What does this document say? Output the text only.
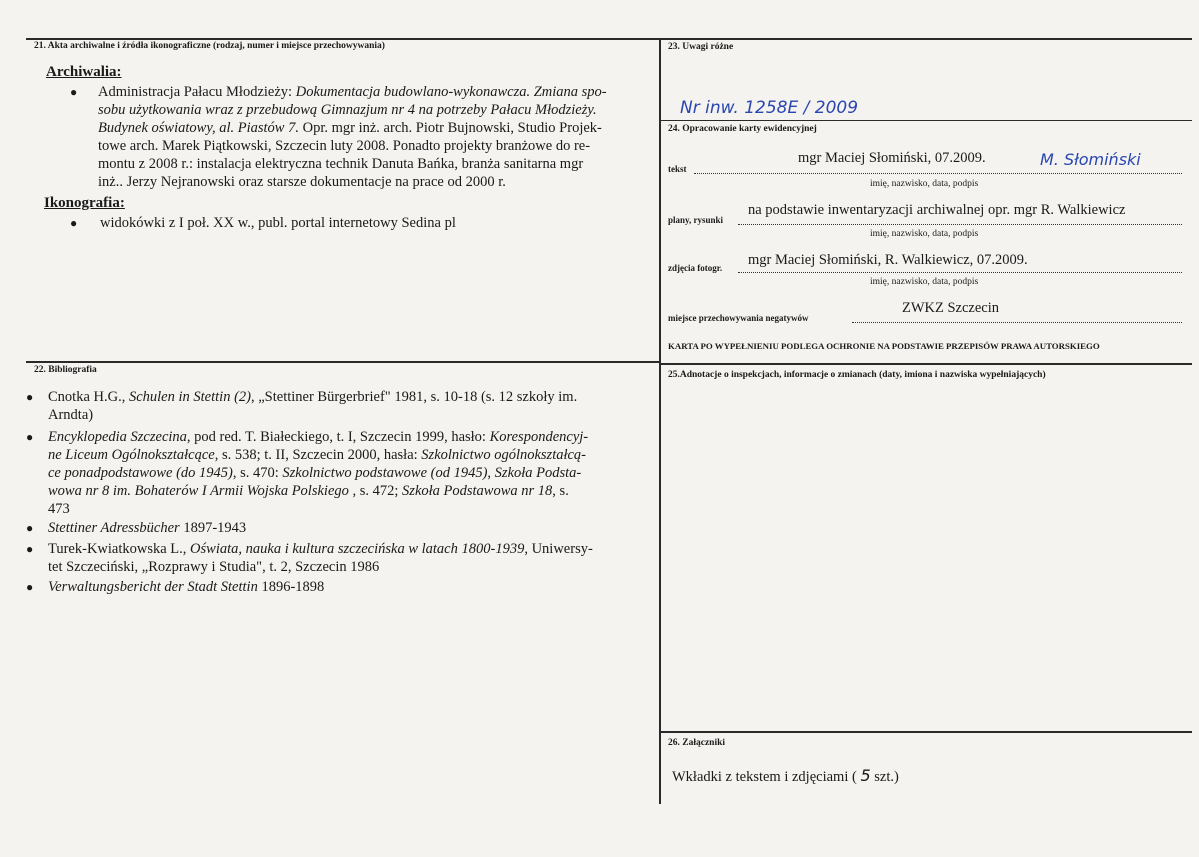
21. Akta archiwalne i źródła ikonograficzne (rodzaj, numer i miejsce przechowywania)
Archiwalia:
● Administracja Pałacu Młodzieży: Dokumentacja budowlano-wykonawcza. Zmiana spo-
sobu użytkowania wraz z przebudową Gimnazjum nr 4 na potrzeby Pałacu Młodzieży.
Budynek oświatowy, al. Piastów 7. Opr. mgr inż. arch. Piotr Bujnowski, Studio Projek-
towe arch. Marek Piątkowski, Szczecin luty 2008. Ponadto projekty branżowe do re-
montu z 2008 r.: instalacja elektryczna technik Danuta Bańka, branża sanitarna mgr
inż.. Jerzy Nejranowski oraz starsze dokumentacje na prace od 2000 r.
Ikonografia:
● widokówki z I poł. XX w., publ. portal internetowy Sedina pl
22. Bibliografia
● Cnotka H.G., Schulen in Stettin (2), „Stettiner Bürgerbrief" 1981, s. 10-18 (s. 12 szkoły im.
Arndta)
● Encyklopedia Szczecina, pod red. T. Białeckiego, t. I, Szczecin 1999, hasło: Korespondencyj-
ne Liceum Ogólnokształcące, s. 538; t. II, Szczecin 2000, hasła: Szkolnictwo ogólnokształcą-
ce ponadpodstawowe (do 1945), s. 470: Szkolnictwo podstawowe (od 1945), Szkoła Podsta-
wowa nr 8 im. Bohaterów I Armii Wojska Polskiego , s. 472; Szkoła Podstawowa nr 18, s.
473
● Stettiner Adressbücher 1897-1943
● Turek-Kwiatkowska L., Oświata, nauka i kultura szczecińska w latach 1800-1939, Uniwersy-
tet Szczeciński, „Rozprawy i Studia", t. 2, Szczecin 1986
● Verwaltungsbericht der Stadt Stettin 1896-1898
23. Uwagi różne
Nr inw. 1258E / 2009
24. Opracowanie karty ewidencyjnej
tekst
mgr Maciej Słomiński, 07.2009.	M. Słomiński
imię, nazwisko, data, podpis
plany, rysunki
na podstawie inwentaryzacji archiwalnej opr. mgr R. Walkiewicz
imię, nazwisko, data, podpis
zdjęcia fotogr. mgr Maciej Słomiński, R. Walkiewicz, 07.2009.
imię, nazwisko, data, podpis
miejsce przechowywania negatywów
ZWKZ Szczecin
KARTA PO WYPEŁNIENIU PODLEGA OCHRONIE NA PODSTAWIE PRZEPISÓW PRAWA AUTORSKIEGO
25.Adnotacje o inspekcjach, informacje o zmianach (daty, imiona i nazwiska wypełniających)
26. Załączniki
Wkładki z tekstem i zdjęciami ( 5 szt.)
